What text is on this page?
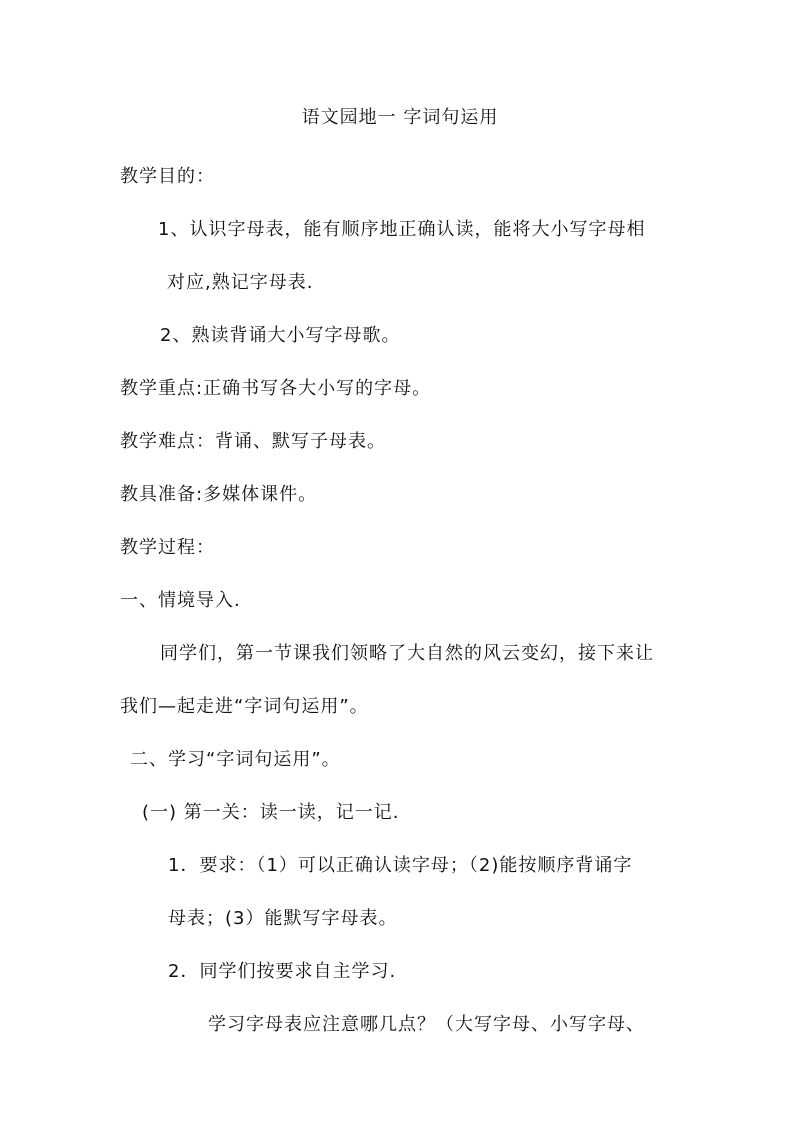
语文园地一 字词句运用
教学目的：
1、认识字母表，能有顺序地正确认读，能将大小写字母相
对应,熟记字母表.
2、熟读背诵大小写字母歌。
教学重点:正确书写各大小写的字母。
教学难点：背诵、默写子母表。
教具准备:多媒体课件。
教学过程：
一、情境导入.
同学们，第一节课我们领略了大自然的风云变幻，接下来让
我们—起走进“字词句运用”。
二、学习“字词句运用”。
(一) 第一关：读一读，记一记.
1．要求：（1）可以正确认读字母；（2)能按顺序背诵字
母表；(3）能默写字母表。
2．同学们按要求自主学习.
学习字母表应注意哪几点？（大写字母、小写字母、
